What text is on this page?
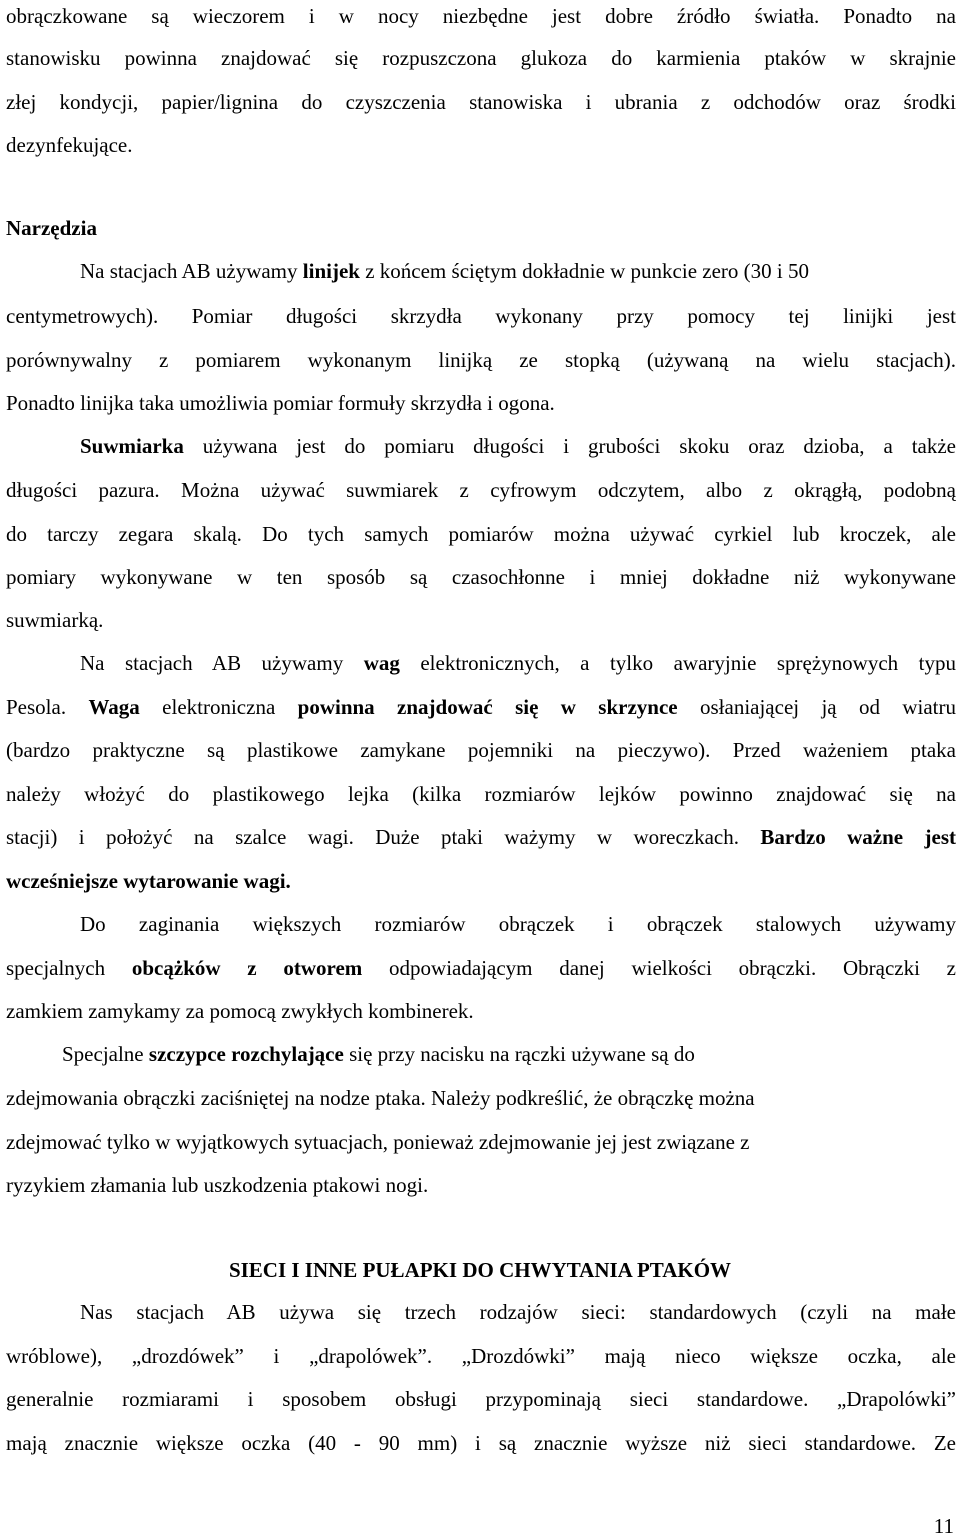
obrączkowane są wieczorem i w nocy niezbędne jest dobre źródło światła. Ponadto na
stanowisku powinna znajdować się rozpuszczona glukoza do karmienia ptaków w skrajnie
złej kondycji, papier/lignina do czyszczenia stanowiska i ubrania z odchodów oraz środki
dezynfekujące.
Narzędzia
Na stacjach AB używamy linijek z końcem ściętym dokładnie w punkcie zero (30 i 50
centymetrowych). Pomiar długości skrzydła wykonany przy pomocy tej linijki jest
porównywalny z pomiarem wykonanym linijką ze stopką (używaną na wielu stacjach).
Ponadto linijka taka umożliwia pomiar formuły skrzydła i ogona.
Suwmiarka używana jest do pomiaru długości i grubości skoku oraz dzioba, a także
długości pazura. Można używać suwmiarek z cyfrowym odczytem, albo z okrągłą, podobną
do tarczy zegara skalą. Do tych samych pomiarów można używać cyrkiel lub kroczek, ale
pomiary wykonywane w ten sposób są czasochłonne i mniej dokładne niż wykonywane
suwmiarką.
Na stacjach AB używamy wag elektronicznych, a tylko awaryjnie sprężynowych typu
Pesola. Waga elektroniczna powinna znajdować się w skrzynce osłaniającej ją od wiatru
(bardzo praktyczne są plastikowe zamykane pojemniki na pieczywo). Przed ważeniem ptaka
należy włożyć do plastikowego lejka (kilka rozmiarów lejków powinno znajdować się na
stacji) i położyć na szalce wagi. Duże ptaki ważymy w woreczkach. Bardzo ważne jest
wcześniejsze wytarowanie wagi.
Do zaginania większych rozmiarów obrączek i obrączek stalowych używamy
specjalnych obcążków z otworem odpowiadającym danej wielkości obrączki. Obrączki z
zamkiem zamykamy za pomocą zwykłych kombinerek.
Specjalne szczypce rozchylające się przy nacisku na rączki używane są do
zdejmowania obrączki zaciśniętej na nodze ptaka. Należy podkreślić, że obrączkę można
zdejmować tylko w wyjątkowych sytuacjach, ponieważ zdejmowanie jej jest związane z
ryzykiem złamania lub uszkodzenia ptakowi nogi.
SIECI I INNE PUŁAPKI DO CHWYTANIA PTAKÓW
Nas stacjach AB używa się trzech rodzajów sieci: standardowych (czyli na małe
wróblowe), „drozdówek” i „drapolówek”. „Drozdówki” mają nieco większe oczka, ale
generalnie rozmiarami i sposobem obsługi przypominają sieci standardowe. „Drapolówki”
mają znacznie większe oczka (40 - 90 mm) i są znacznie wyższe niż sieci standardowe. Ze
11
